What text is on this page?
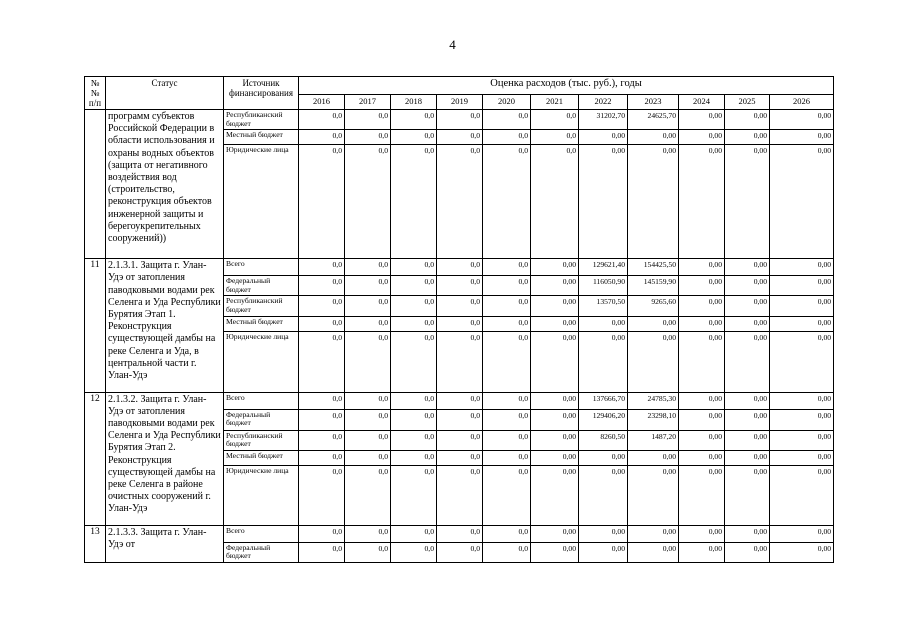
4
№ № п/п	Статус	Источник финансирования	Оценка расходов (тыс. руб.), годы										
			2016	2017	2018	2019	2020	2021	2022	2023	2024	2025	2026
	программ субъектов Российской Федерации в области использования и охраны водных объектов (защита от негативного воздействия вод (строительство, реконструкция объектов инженерной защиты и берегоукрепительных сооружений))	Республиканский бюджет	0,0	0,0	0,0	0,0	0,0	0,0	31202,70	24625,70	0,00	0,00	0,00
		Местный бюджет	0,0	0,0	0,0	0,0	0,0	0,0	0,00	0,00	0,00	0,00	0,00
		Юридические лица	0,0	0,0	0,0	0,0	0,0	0,0	0,00	0,00	0,00	0,00	0,00
11	2.1.3.1. Защита г. Улан-Удэ от затопления паводковыми водами рек Селенга и Уда Республики Бурятия Этап 1. Реконструкция существующей дамбы на реке Селенга и Уда, в центральной части г. Улан-Удэ	Всего	0,0	0,0	0,0	0,0	0,0	0,00	129621,40	154425,50	0,00	0,00	0,00
		Федеральный бюджет	0,0	0,0	0,0	0,0	0,0	0,00	116050,90	145159,90	0,00	0,00	0,00
		Республиканский бюджет	0,0	0,0	0,0	0,0	0,0	0,00	13570,50	9265,60	0,00	0,00	0,00
		Местный бюджет	0,0	0,0	0,0	0,0	0,0	0,00	0,00	0,00	0,00	0,00	0,00
		Юридические лица	0,0	0,0	0,0	0,0	0,0	0,00	0,00	0,00	0,00	0,00	0,00
12	2.1.3.2. Защита г. Улан-Удэ от затопления паводковыми водами рек Селенга и Уда Республики Бурятия Этап 2. Реконструкция существующей дамбы на реке Селенга в районе очистных сооружений г. Улан-Удэ	Всего	0,0	0,0	0,0	0,0	0,0	0,00	137666,70	24785,30	0,00	0,00	0,00
		Федеральный бюджет	0,0	0,0	0,0	0,0	0,0	0,00	129406,20	23298,10	0,00	0,00	0,00
		Республиканский бюджет	0,0	0,0	0,0	0,0	0,0	0,00	8260,50	1487,20	0,00	0,00	0,00
		Местный бюджет	0,0	0,0	0,0	0,0	0,0	0,00	0,00	0,00	0,00	0,00	0,00
		Юридические лица	0,0	0,0	0,0	0,0	0,0	0,00	0,00	0,00	0,00	0,00	0,00
13	2.1.3.3. Защита г. Улан-Удэ от	Всего	0,0	0,0	0,0	0,0	0,0	0,00	0,00	0,00	0,00	0,00	0,00
		Федеральный бюджет	0,0	0,0	0,0	0,0	0,0	0,00	0,00	0,00	0,00	0,00	0,00
